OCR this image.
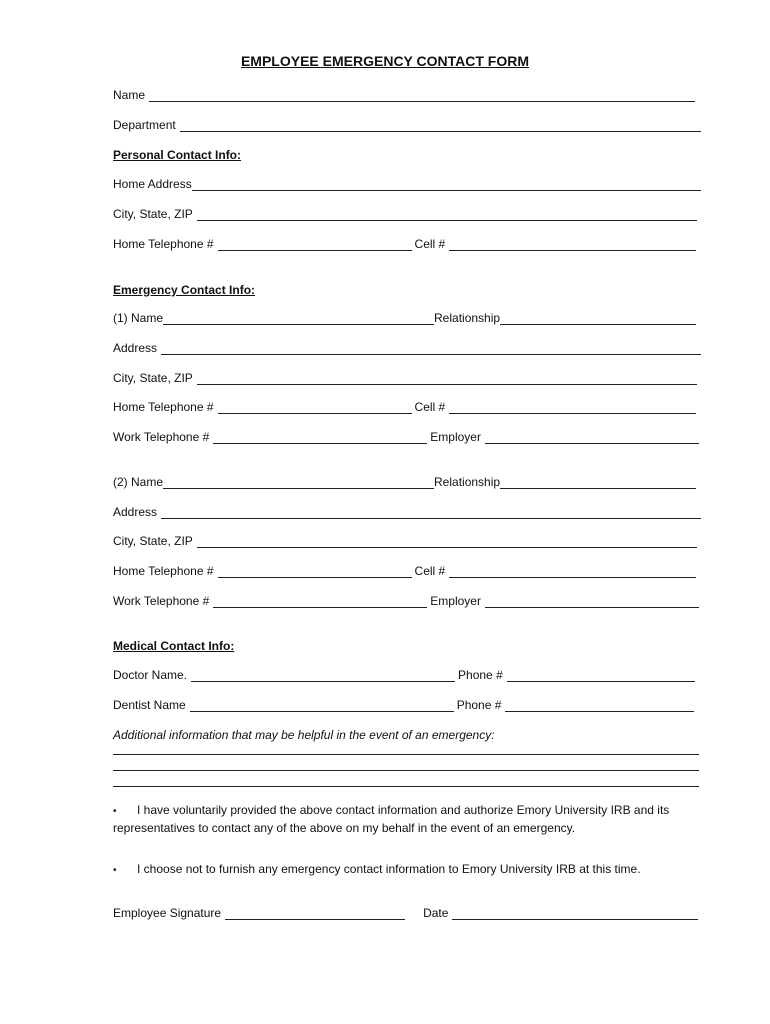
EMPLOYEE EMERGENCY CONTACT FORM
Name
Department
Personal Contact Info:
Home Address
City, State, ZIP
Home Telephone #	Cell #
Emergency Contact Info:
(1) Name	Relationship
Address
City, State, ZIP
Home Telephone #	Cell #
Work Telephone #	Employer
(2) Name	Relationship
Address
City, State, ZIP
Home Telephone #	Cell #
Work Telephone #	Employer
Medical Contact Info:
Doctor Name.	Phone #
Dentist Name	Phone #
Additional information that may be helpful in the event of an emergency:
• I have voluntarily provided the above contact information and authorize Emory University IRB and its representatives to contact any of the above on my behalf in the event of an emergency.
• I choose not to furnish any emergency contact information to Emory University IRB at this time.
Employee Signature	Date
